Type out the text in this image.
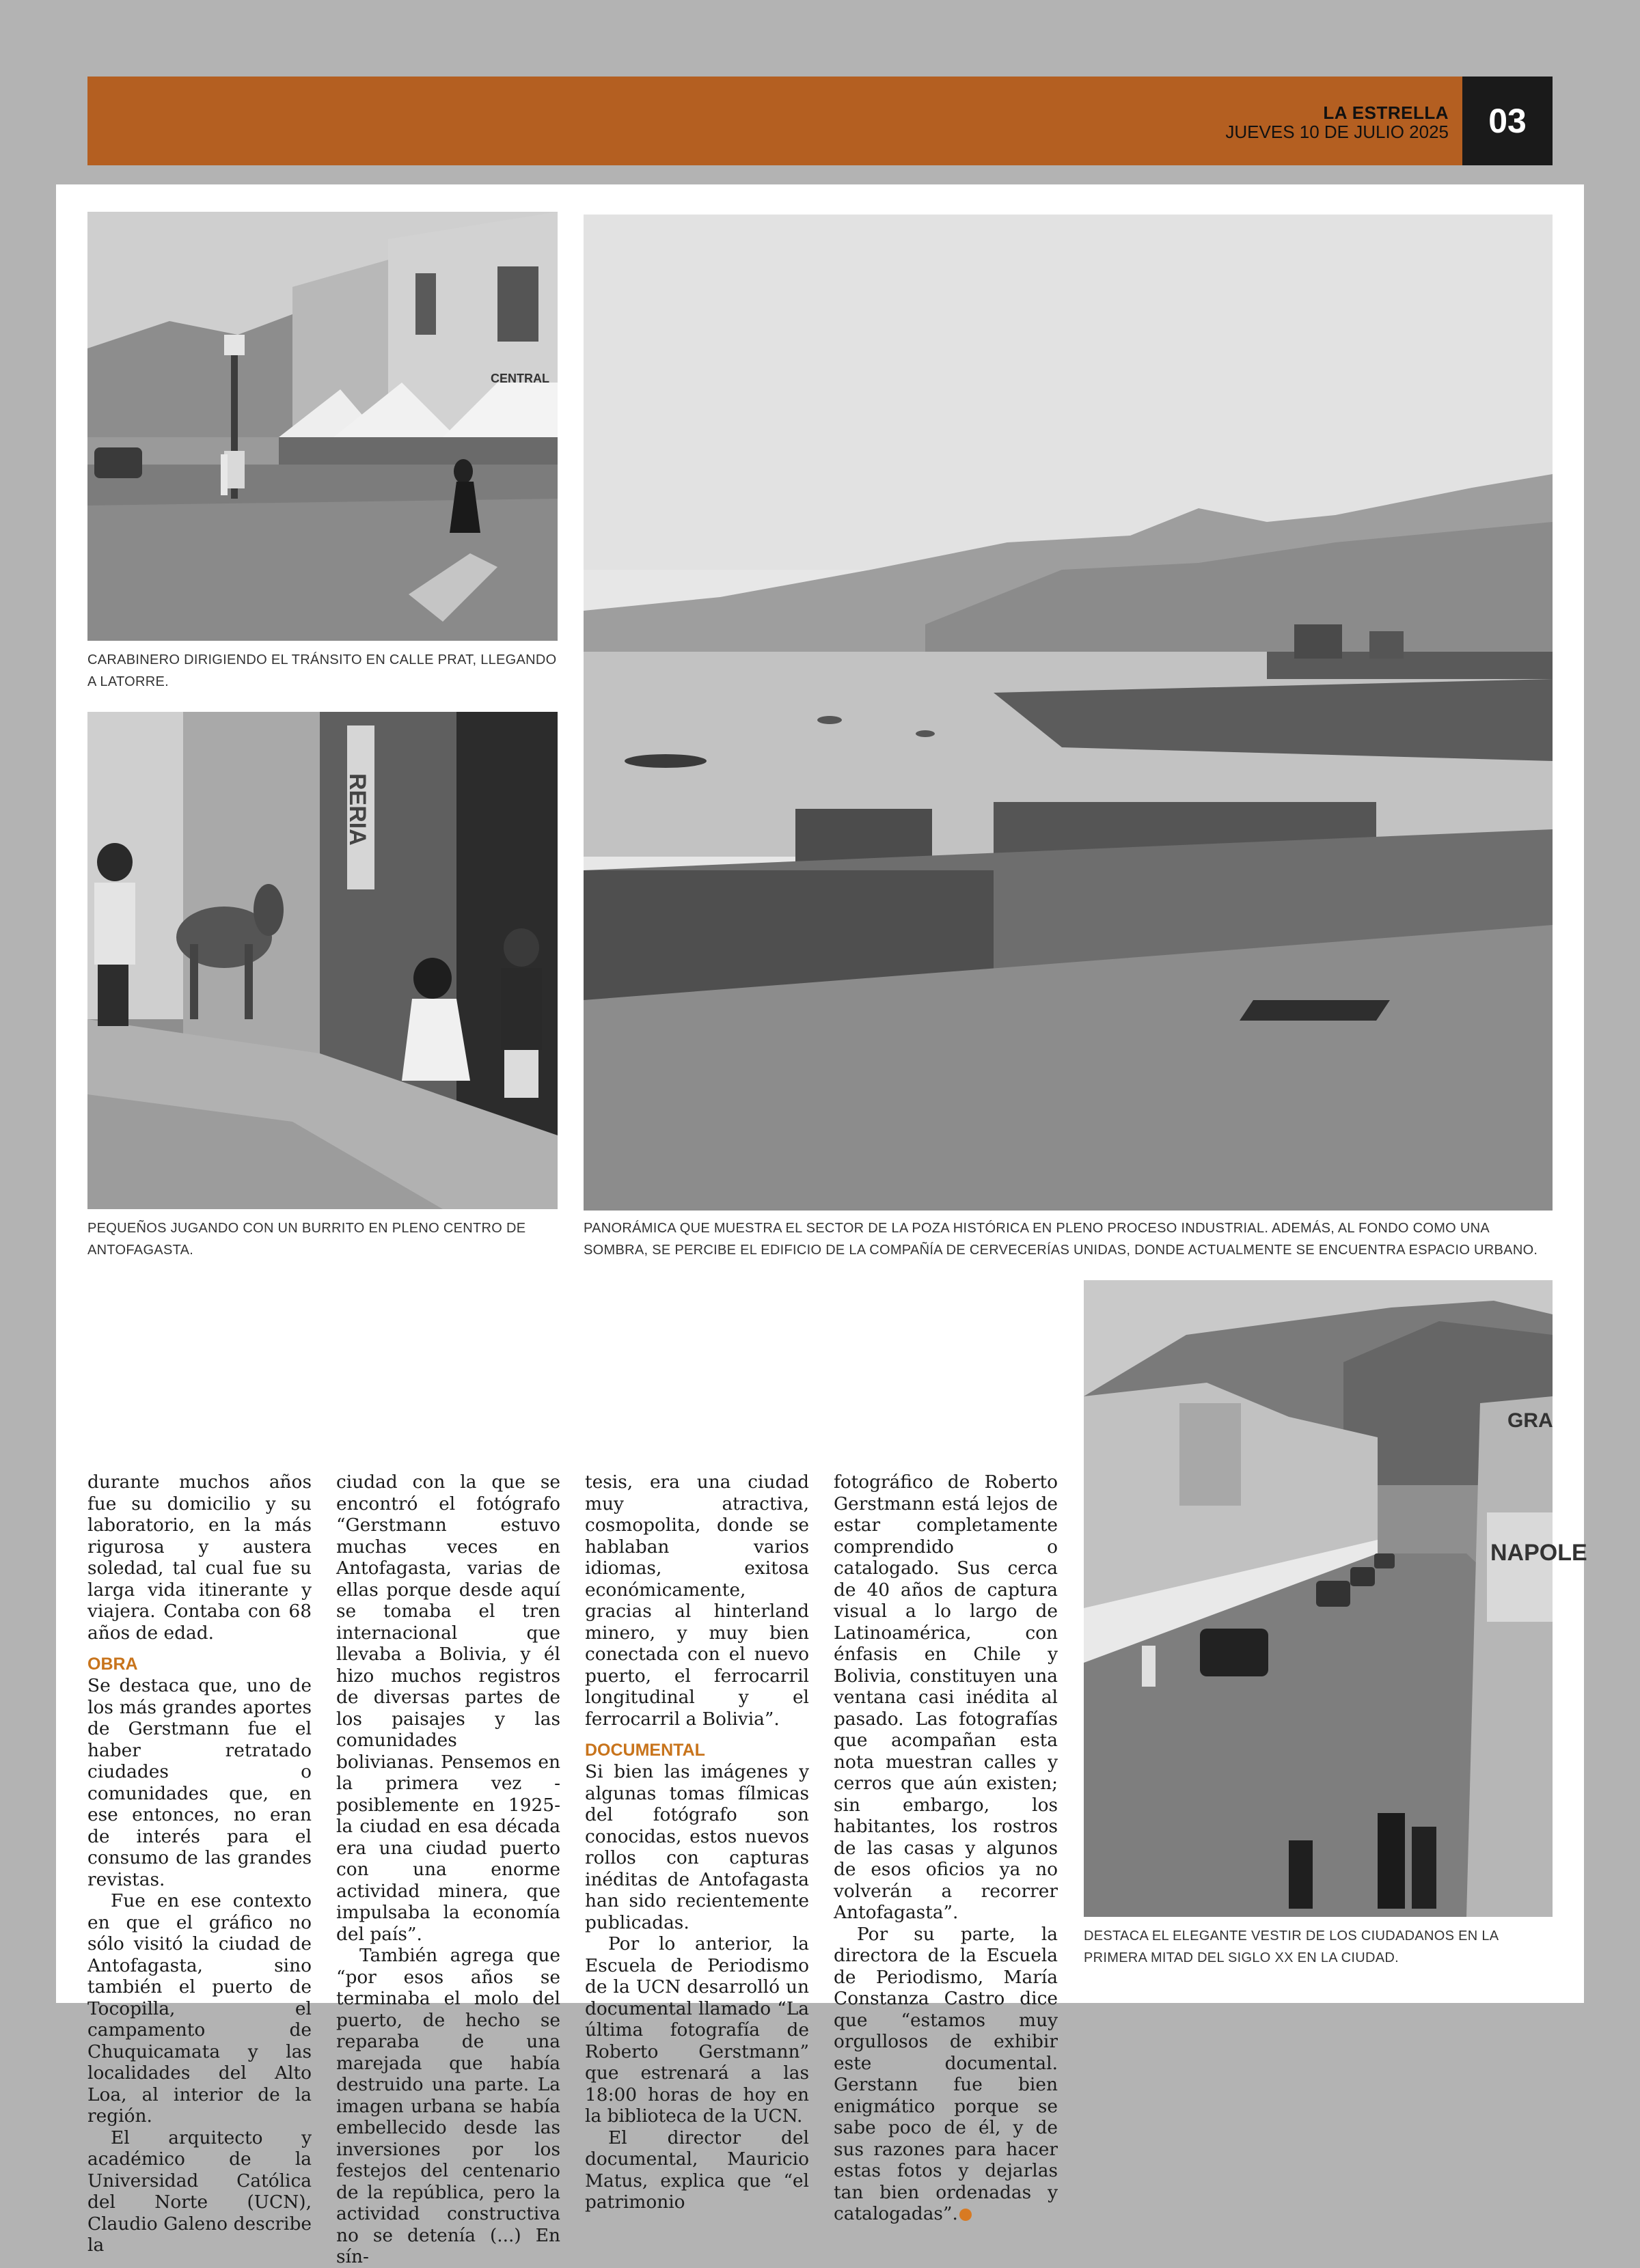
LA ESTRELLA
JUEVES 10 DE JULIO 2025	03
CENTRAL
CARABINERO DIRIGIENDO EL TRÁNSITO EN CALLE PRAT, LLEGANDO A LATORRE.
RERIA
PEQUEÑOS JUGANDO CON UN BURRITO EN PLENO CENTRO DE ANTOFAGASTA.
PANORÁMICA QUE MUESTRA EL SECTOR DE LA POZA HISTÓRICA EN PLENO PROCESO INDUSTRIAL. ADEMÁS, AL FONDO COMO UNA SOMBRA, SE PERCIBE EL EDIFICIO DE LA COMPAÑÍA DE CERVECERÍAS UNIDAS, DONDE ACTUALMENTE SE ENCUENTRA ESPACIO URBANO.
NAPOLE
GRA
DESTACA EL ELEGANTE VESTIR DE LOS CIUDADANOS EN LA PRIMERA MITAD DEL SIGLO XX EN LA CIUDAD.

durante muchos años fue su domicilio y su laboratorio, en la más rigurosa y austera soledad, tal cual fue su larga vida itinerante y viajera. Contaba con 68 años de edad.

OBRA

Se destaca que, uno de los más grandes aportes de Gerstmann fue el haber retratado ciudades o comunidades que, en ese entonces, no eran de interés para el consumo de las grandes revistas.

Fue en ese contexto en que el gráfico no sólo visitó la ciudad de Antofagasta, sino también el puerto de Tocopilla, el campamento de Chuquicamata y las localidades del Alto Loa, al interior de la región.

El arquitecto y académico de la Universidad Católica del Norte (UCN), Claudio Galeno describe la

ciudad con la que se encontró el fotógrafo “Gerstmann estuvo muchas veces en Antofagasta, varias de ellas porque desde aquí se tomaba el tren internacional que llevaba a Bolivia, y él hizo muchos registros de diversas partes de los paisajes y las comunidades bolivianas. Pensemos en la primera vez -posiblemente en 1925- la ciudad en esa década era una ciudad puerto con una enorme actividad minera, que impulsaba la economía del país”.

También agrega que “por esos años se terminaba el molo del puerto, de hecho se reparaba de una marejada que había destruido una parte. La imagen urbana se había embellecido desde las inversiones por los festejos del centenario de la república, pero la actividad constructiva no se detenía (...) En sín-

tesis, era una ciudad muy atractiva, cosmopolita, donde se hablaban varios idiomas, exitosa económicamente, gracias al hinterland minero, y muy bien conectada con el nuevo puerto, el ferrocarril longitudinal y el ferrocarril a Bolivia”.

DOCUMENTAL

Si bien las imágenes y algunas tomas fílmicas del fotógrafo son conocidas, estos nuevos rollos con capturas inéditas de Antofagasta han sido recientemente publicadas.

Por lo anterior, la Escuela de Periodismo de la UCN desarrolló un documental llamado “La última fotografía de Roberto Gerstmann” que estrenará a las 18:00 horas de hoy en la biblioteca de la UCN.

El director del documental, Mauricio Matus, explica que “el patrimonio

fotográfico de Roberto Gerstmann está lejos de estar completamente comprendido o catalogado. Sus cerca de 40 años de captura visual a lo largo de Latinoamérica, con énfasis en Chile y Bolivia, constituyen una ventana casi inédita al pasado. Las fotografías que acompañan esta nota muestran calles y cerros que aún existen; sin embargo, los habitantes, los rostros de las casas y algunos de esos oficios ya no volverán a recorrer Antofagasta”.

Por su parte, la directora de la Escuela de Periodismo, María Constanza Castro dice que “estamos muy orgullosos de exhibir este documental. Gerstann fue bien enigmático porque se sabe poco de él, y de sus razones para hacer estas fotos y dejarlas tan bien ordenadas y catalogadas”.
